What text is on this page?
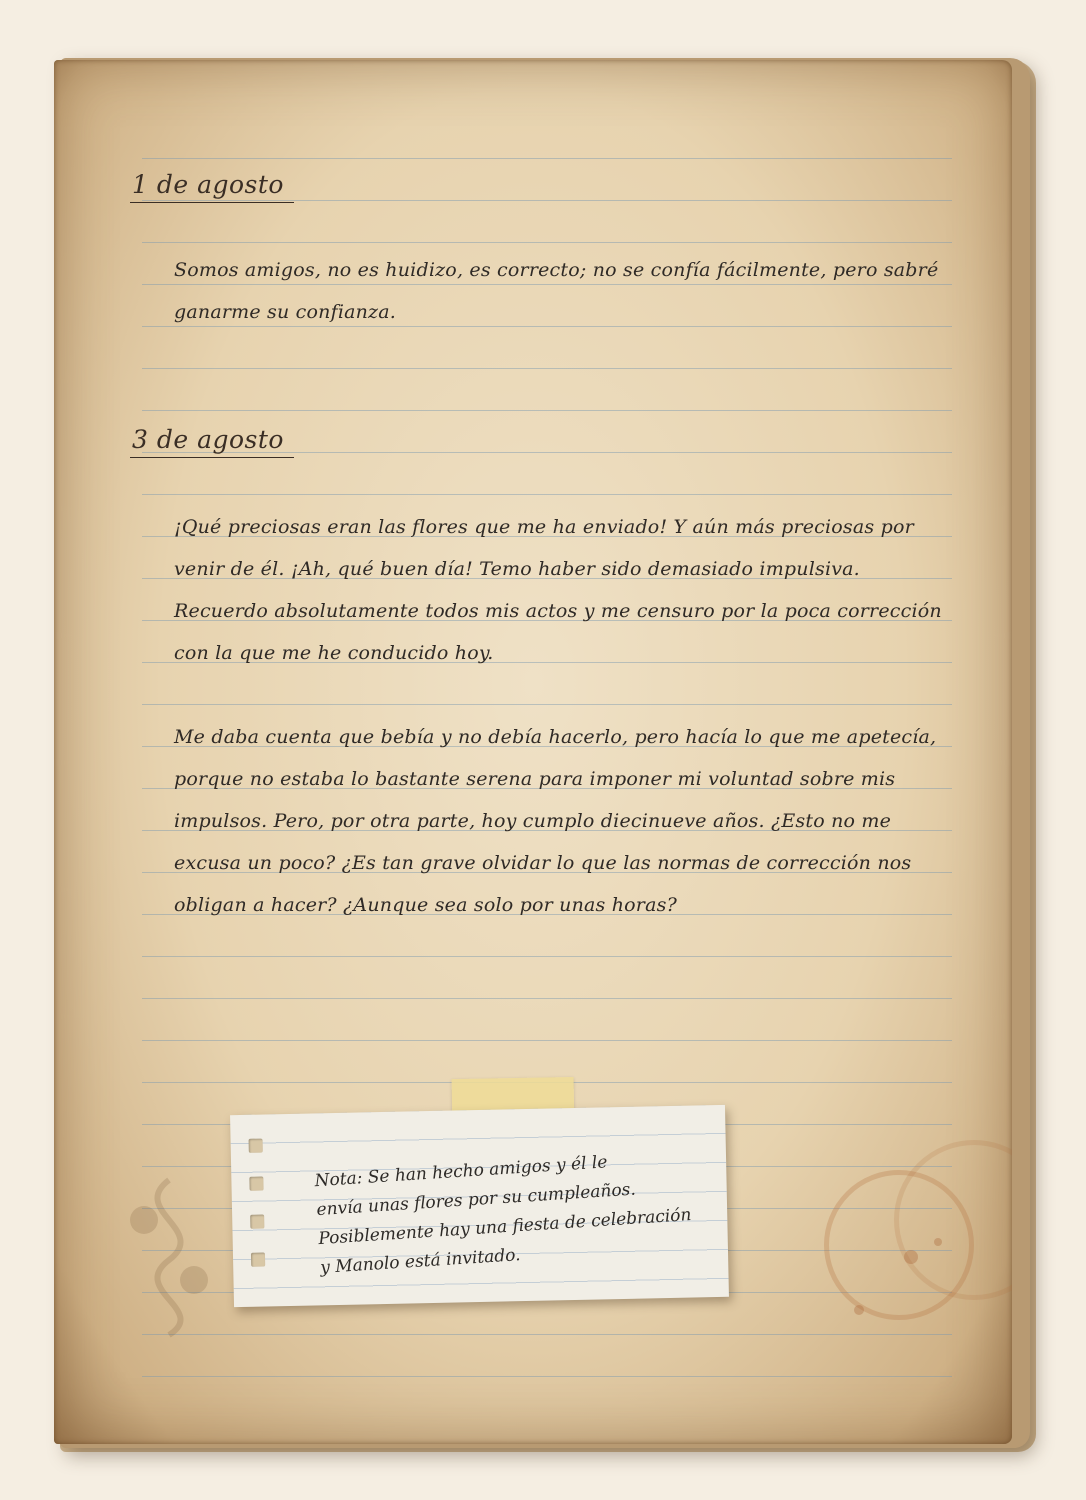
1 de agosto

Somos amigos, no es huidizo, es correcto; no se confía fácilmente, pero sabré ganarme su confianza.

3 de agosto

¡Qué preciosas eran las flores que me ha enviado! Y aún más preciosas por venir de él. ¡Ah, qué buen día! Temo haber sido demasiado impulsiva. Recuerdo absolutamente todos mis actos y me censuro por la poca corrección con la que me he conducido hoy.

Me daba cuenta que bebía y no debía hacerlo, pero hacía lo que me apetecía, porque no estaba lo bastante serena para imponer mi voluntad sobre mis impulsos. Pero, por otra parte, hoy cumplo diecinueve años. ¿Esto no me excusa un poco? ¿Es tan grave olvidar lo que las normas de corrección nos obligan a hacer? ¿Aunque sea solo por unas horas?

Nota: Se han hecho amigos y él le
envía unas flores por su cumpleaños.
Posiblemente hay una fiesta de celebración
y Manolo está invitado.
